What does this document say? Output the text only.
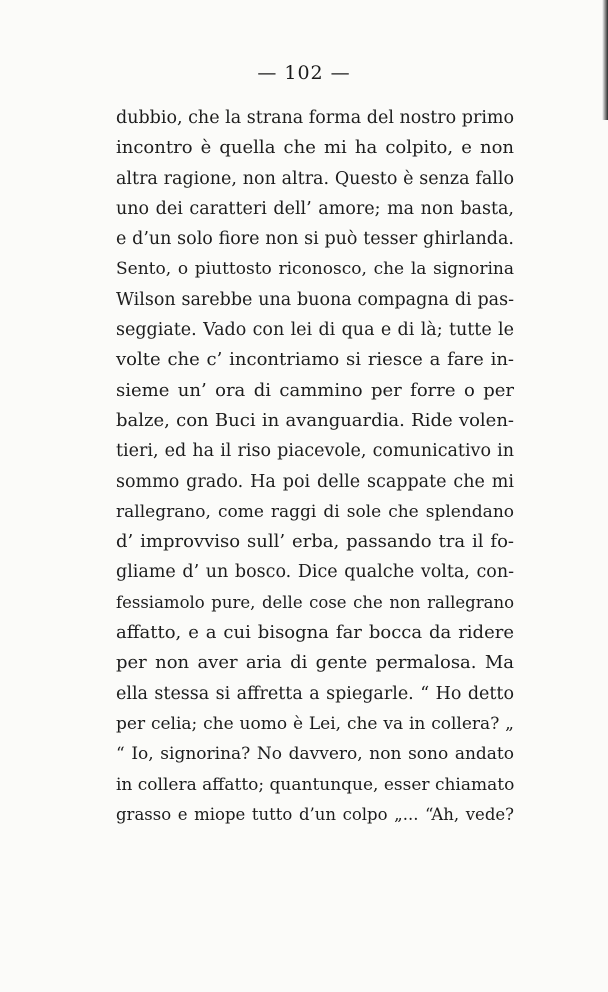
— 102 —
dubbio, che la strana forma del nostro primo
incontro è quella che mi ha colpito, e non
altra ragione, non altra. Questo è senza fallo
uno dei caratteri dell’ amore; ma non basta,
e d’un solo fiore non si può tesser ghirlanda.
Sento, o piuttosto riconosco, che la signorina
Wilson sarebbe una buona compagna di pas-
seggiate. Vado con lei di qua e di là; tutte le
volte che c’ incontriamo si riesce a fare in-
sieme un’ ora di cammino per forre o per
balze, con Buci in avanguardia. Ride volen-
tieri, ed ha il riso piacevole, comunicativo in
sommo grado. Ha poi delle scappate che mi
rallegrano, come raggi di sole che splendano
d’ improvviso sull’ erba, passando tra il fo-
gliame d’ un bosco. Dice qualche volta, con-
fessiamolo pure, delle cose che non rallegrano
affatto, e a cui bisogna far bocca da ridere
per non aver aria di gente permalosa. Ma
ella stessa si affretta a spiegarle. “ Ho detto
per celia; che uomo è Lei, che va in collera? „
“ Io, signorina? No davvero, non sono andato
in collera affatto; quantunque, esser chiamato
grasso e miope tutto d’un colpo „... “Ah, vede?
